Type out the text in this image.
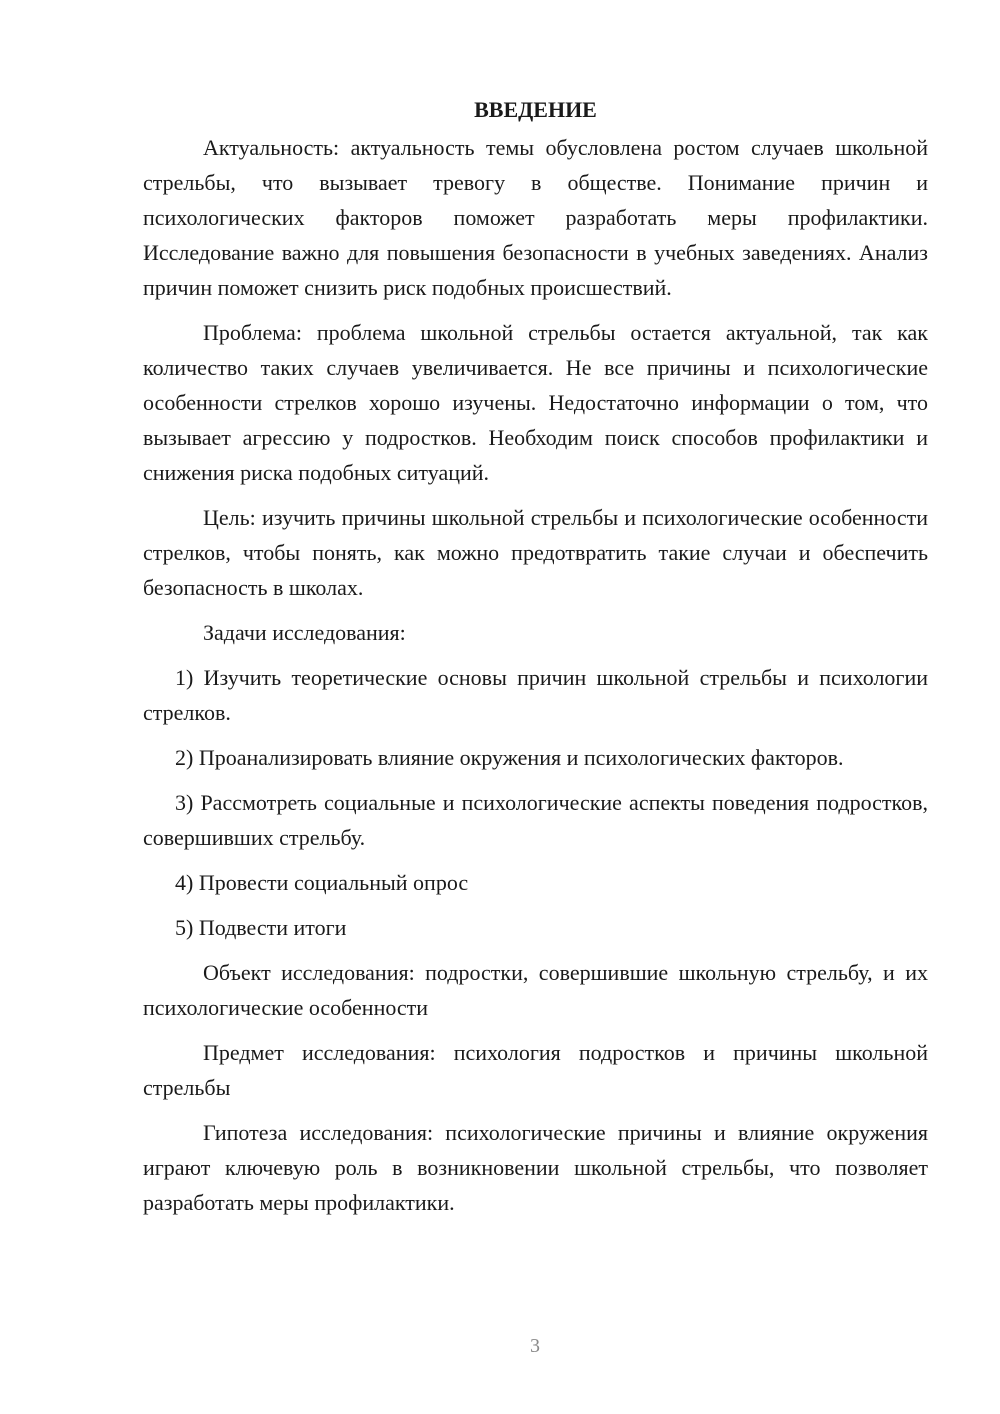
ВВЕДЕНИЕ

Актуальность: актуальность темы обусловлена ростом случаев школьной стрельбы, что вызывает тревогу в обществе. Понимание причин и психологических факторов поможет разработать меры профилактики. Исследование важно для повышения безопасности в учебных заведениях. Анализ причин поможет снизить риск подобных происшествий.

Проблема: проблема школьной стрельбы остается актуальной, так как количество таких случаев увеличивается. Не все причины и психологические особенности стрелков хорошо изучены. Недостаточно информации о том, что вызывает агрессию у подростков. Необходим поиск способов профилактики и снижения риска подобных ситуаций.

Цель: изучить причины школьной стрельбы и психологические особенности стрелков, чтобы понять, как можно предотвратить такие случаи и обеспечить безопасность в школах.

Задачи исследования:

1) Изучить теоретические основы причин школьной стрельбы и психологии стрелков.

2) Проанализировать влияние окружения и психологических факторов.

3) Рассмотреть социальные и психологические аспекты поведения подростков, совершивших стрельбу.

4) Провести социальный опрос

5) Подвести итоги

Объект исследования: подростки, совершившие школьную стрельбу, и их психологические особенности

Предмет исследования: психология подростков и причины школьной стрельбы

Гипотеза исследования: психологические причины и влияние окружения играют ключевую роль в возникновении школьной стрельбы, что позволяет разработать меры профилактики.

3
